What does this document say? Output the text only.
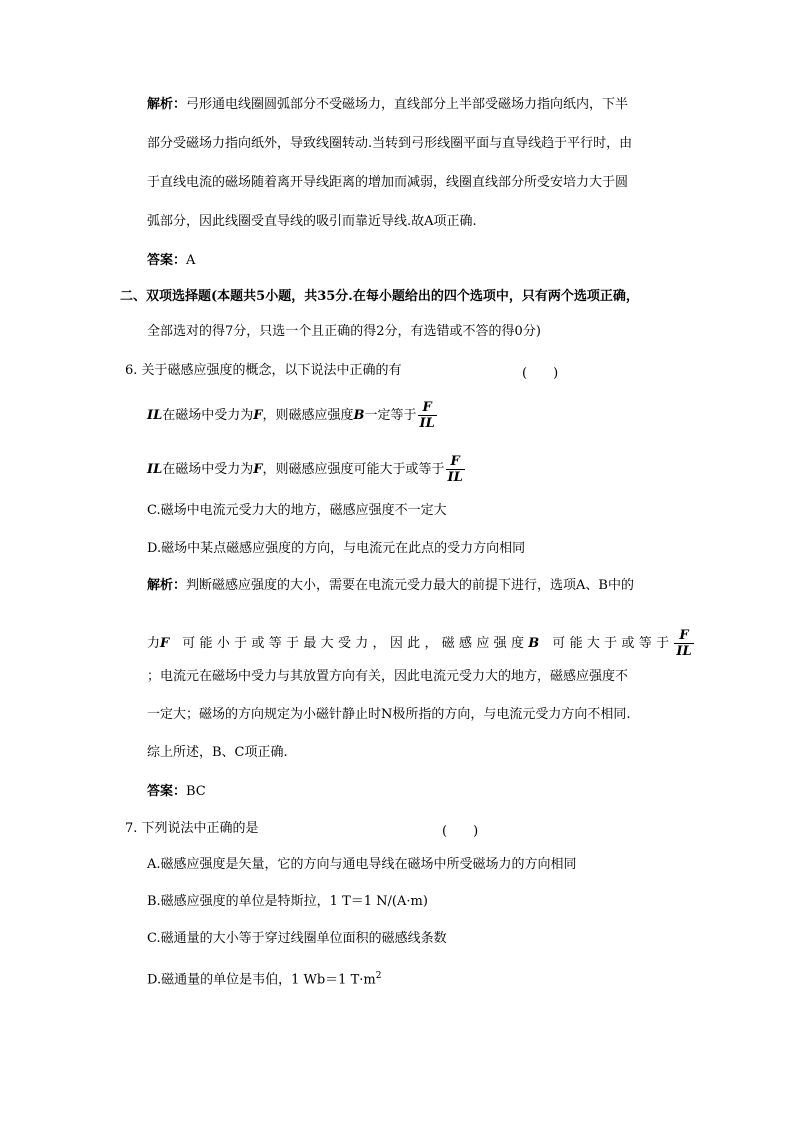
解析：弓形通电线圈圆弧部分不受磁场力，直线部分上半部受磁场力指向纸内，下半
部分受磁场力指向纸外，导致线圈转动.当转到弓形线圈平面与直导线趋于平行时，由
于直线电流的磁场随着离开导线距离的增加而减弱，线圈直线部分所受安培力大于圆
弧部分，因此线圈受直导线的吸引而靠近导线.故A项正确.
答案：A
二、双项选择题(本题共5小题，共35分.在每小题给出的四个选项中，只有两个选项正确，
全部选对的得7分，只选一个且正确的得2分，有选错或不答的得0分)
6. 关于磁感应强度的概念，以下说法中正确的有	(　　)
IL在磁场中受力为F，则磁感应强度B一定等于 $\frac{F}{IL}$
IL在磁场中受力为F，则磁感应强度可能大于或等于 $\frac{F}{IL}$
C.磁场中电流元受力大的地方，磁感应强度不一定大
D.磁场中某点磁感应强度的方向，与电流元在此点的受力方向相同
解析：判断磁感应强度的大小，需要在电流元受力最大的前提下进行，选项A、B中的
力F  可能小于或等于最大受力，因此，磁感应强度B  可能大于或等于 $\frac{F}{IL}$
；电流元在磁场中受力与其放置方向有关，因此电流元受力大的地方，磁感应强度不
一定大；磁场的方向规定为小磁针静止时N极所指的方向，与电流元受力方向不相同.
综上所述，B、C项正确.
答案：BC
7. 下列说法中正确的是	(　　)
A.磁感应强度是矢量，它的方向与通电导线在磁场中所受磁场力的方向相同
B.磁感应强度的单位是特斯拉，1 T＝1 N/(A·m)
C.磁通量的大小等于穿过线圈单位面积的磁感线条数
D.磁通量的单位是韦伯，1 Wb＝1 $T\cdot m^2$
